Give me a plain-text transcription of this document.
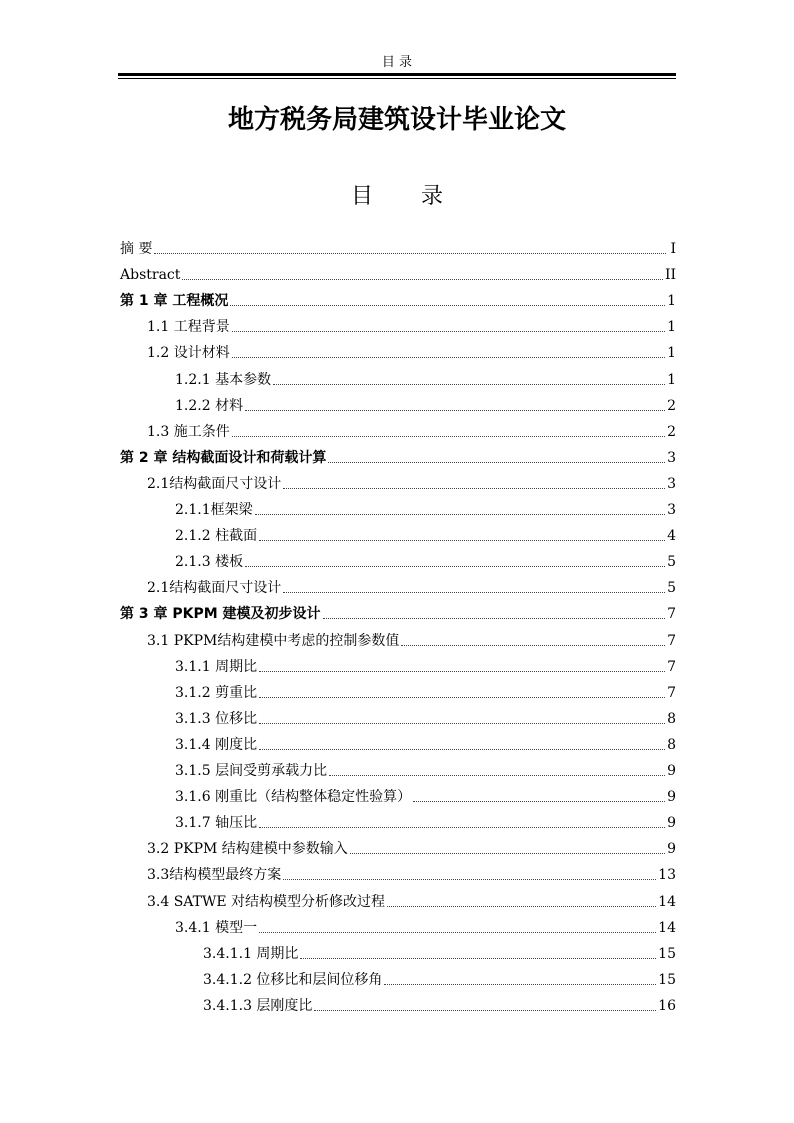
目 录
地方税务局建筑设计毕业论文
目录
摘 要	I
Abstract	II
第 1 章 工程概况	1
1.1 工程背景	1
1.2 设计材料	1
1.2.1 基本参数	1
1.2.2 材料	2
1.3 施工条件	2
第 2 章 结构截面设计和荷载计算	3
2.1结构截面尺寸设计	3
2.1.1框架梁	3
2.1.2 柱截面	4
2.1.3 楼板	5
2.1结构截面尺寸设计	5
第 3 章 PKPM 建模及初步设计	7
3.1 PKPM结构建模中考虑的控制参数值	7
3.1.1 周期比	7
3.1.2 剪重比	7
3.1.3 位移比	8
3.1.4 刚度比	8
3.1.5 层间受剪承载力比	9
3.1.6 刚重比（结构整体稳定性验算）	9
3.1.7 轴压比	9
3.2 PKPM 结构建模中参数输入	9
3.3结构模型最终方案	13
3.4 SATWE 对结构模型分析修改过程	14
3.4.1 模型一	14
3.4.1.1 周期比	15
3.4.1.2 位移比和层间位移角	15
3.4.1.3 层刚度比	16
